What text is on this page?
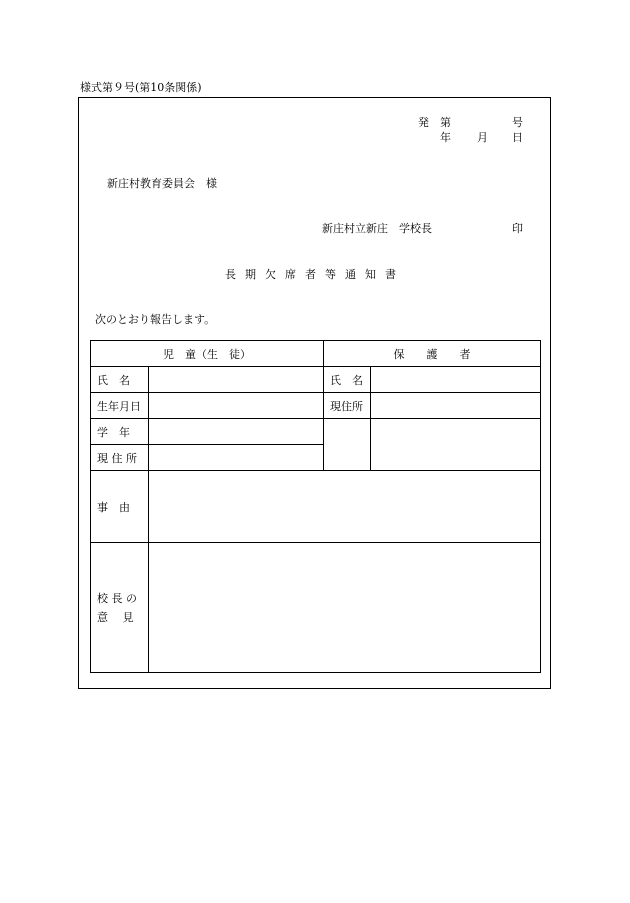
様式第９号(第10条関係)
発 第	号
年 月 日
新庄村教育委員会　様
新庄村立新庄　学校長	印
長期欠席者等通知書
次のとおり報告します。
児　童（生　徒）		保　　護　　者	
氏　名		氏　名	
生年月日		現住所	
学　年			
現 住 所			
事　由			

校 長 の
意　 見			
